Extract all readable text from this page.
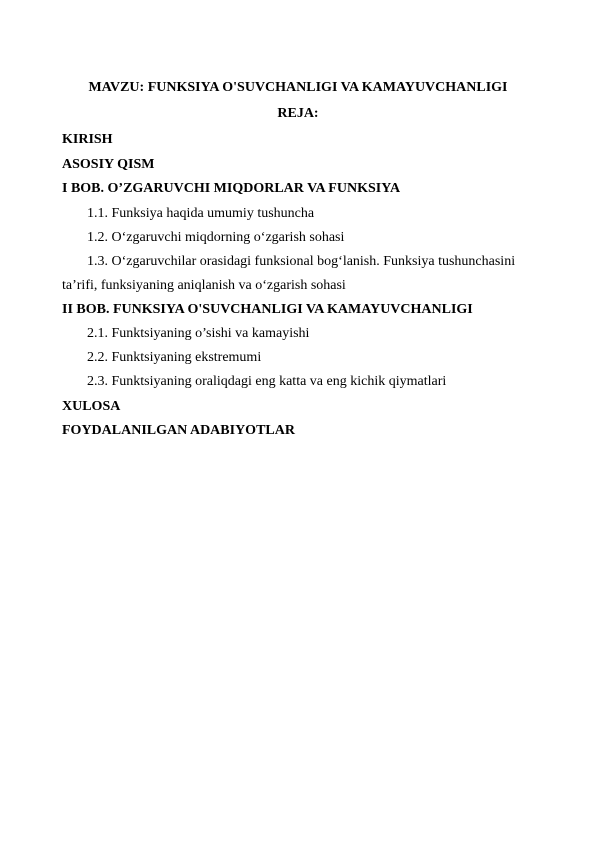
MAVZU: FUNKSIYA O'SUVCHANLIGI VA KAMAYUVCHANLIGI
REJA:
KIRISH
ASOSIY QISM
I BOB. O’ZGARUVCHI MIQDORLAR VA FUNKSIYA
1.1. Funksiya haqida umumiy tushuncha
1.2. O‘zgaruvchi miqdorning o‘zgarish sohasi
1.3. O‘zgaruvchilar orasidagi funksional bog‘lanish. Funksiya tushunchasini
ta’rifi, funksiyaning aniqlanish va o‘zgarish sohasi
II BOB. FUNKSIYA O'SUVCHANLIGI VA KAMAYUVCHANLIGI
2.1. Funktsiyaning o’sishi va kamayishi
2.2. Funktsiyaning ekstremumi
2.3. Funktsiyaning oraliqdagi eng katta va eng kichik qiymatlari
XULOSA
FOYDALANILGAN ADABIYOTLAR
